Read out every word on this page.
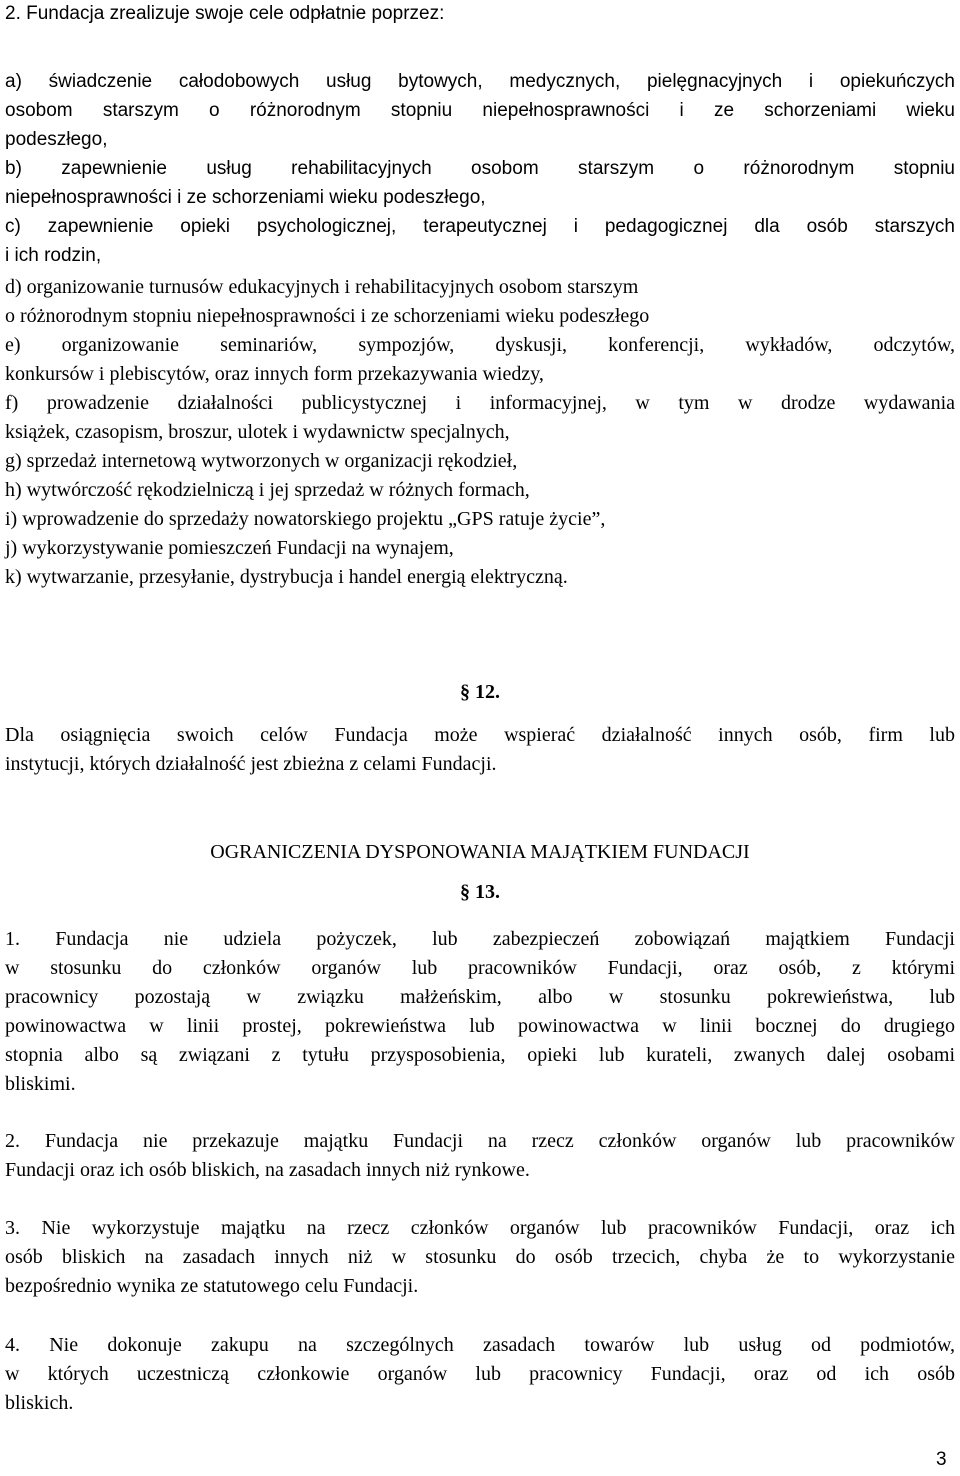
2. Fundacja zrealizuje swoje cele odpłatnie poprzez:
a) świadczenie całodobowych usług bytowych, medycznych, pielęgnacyjnych i opiekuńczych
osobom starszym o różnorodnym stopniu niepełnosprawności i ze schorzeniami wieku
podeszłego,
b) zapewnienie usług rehabilitacyjnych osobom starszym o różnorodnym stopniu
niepełnosprawności i ze schorzeniami wieku podeszłego,
c) zapewnienie opieki psychologicznej, terapeutycznej i pedagogicznej dla osób starszych
i ich rodzin,
d) organizowanie turnusów edukacyjnych i rehabilitacyjnych osobom starszym
o różnorodnym stopniu niepełnosprawności i ze schorzeniami wieku podeszłego
e) organizowanie seminariów, sympozjów, dyskusji, konferencji, wykładów, odczytów,
konkursów i plebiscytów, oraz innych form przekazywania wiedzy,
f) prowadzenie działalności publicystycznej i informacyjnej, w tym w drodze wydawania
książek, czasopism, broszur, ulotek i wydawnictw specjalnych,
g) sprzedaż internetową wytworzonych w organizacji rękodzieł,
h) wytwórczość rękodzielniczą i jej sprzedaż w różnych formach,
i) wprowadzenie do sprzedaży nowatorskiego projektu „GPS ratuje życie”,
j) wykorzystywanie pomieszczeń Fundacji na wynajem,
k) wytwarzanie, przesyłanie, dystrybucja i handel energią elektryczną.
§ 12.
Dla osiągnięcia swoich celów Fundacja może wspierać działalność innych osób, firm lub
instytucji, których działalność jest zbieżna z celami Fundacji.
OGRANICZENIA DYSPONOWANIA MAJĄTKIEM FUNDACJI
§ 13.
1. Fundacja nie udziela pożyczek, lub zabezpieczeń zobowiązań majątkiem Fundacji
w stosunku do członków organów lub pracowników Fundacji, oraz osób, z którymi
pracownicy pozostają w związku małżeńskim, albo w stosunku pokrewieństwa, lub
powinowactwa w linii prostej, pokrewieństwa lub powinowactwa w linii bocznej do drugiego
stopnia albo są związani z tytułu przysposobienia, opieki lub kurateli, zwanych dalej osobami
bliskimi.
2. Fundacja nie przekazuje majątku Fundacji na rzecz członków organów lub pracowników
Fundacji oraz ich osób bliskich, na zasadach innych niż rynkowe.
3. Nie wykorzystuje majątku na rzecz członków organów lub pracowników Fundacji, oraz ich
osób bliskich na zasadach innych niż w stosunku do osób trzecich, chyba że to wykorzystanie
bezpośrednio wynika ze statutowego celu Fundacji.
4. Nie dokonuje zakupu na szczególnych zasadach towarów lub usług od podmiotów,
w których uczestniczą członkowie organów lub pracownicy Fundacji, oraz od ich osób
bliskich.
3
